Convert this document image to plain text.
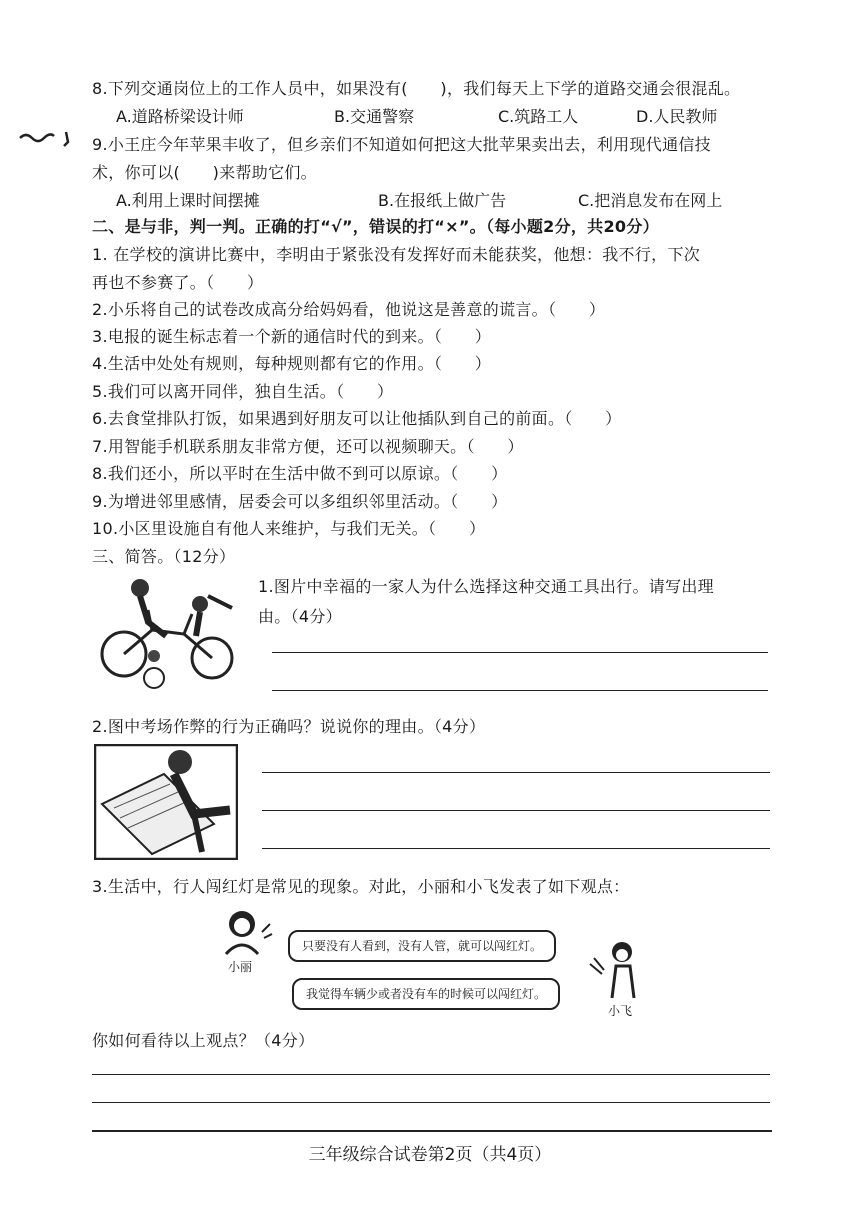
8.下列交通岗位上的工作人员中，如果没有(　　)，我们每天上下学的道路交通会很混乱。
A.道路桥梁设计师	B.交通警察	C.筑路工人	D.人民教师
9.小王庄今年苹果丰收了，但乡亲们不知道如何把这大批苹果卖出去，利用现代通信技
术，你可以(　　)来帮助它们。
A.利用上课时间摆摊	B.在报纸上做广告	C.把消息发布在网上
二、是与非，判一判。正确的打“√”，错误的打“×”。（每小题2分，共20分）
1. 在学校的演讲比赛中，李明由于紧张没有发挥好而未能获奖，他想：我不行，下次
再也不参赛了。（　　）
2.小乐将自己的试卷改成高分给妈妈看，他说这是善意的谎言。（　　）
3.电报的诞生标志着一个新的通信时代的到来。（　　）
4.生活中处处有规则，每种规则都有它的作用。（　　）
5.我们可以离开同伴，独自生活。（　　）
6.去食堂排队打饭，如果遇到好朋友可以让他插队到自己的前面。（　　）
7.用智能手机联系朋友非常方便，还可以视频聊天。（　　）
8.我们还小，所以平时在生活中做不到可以原谅。（　　）
9.为增进邻里感情，居委会可以多组织邻里活动。（　　）
10.小区里设施自有他人来维护，与我们无关。（　　）
三、简答。（12分）
1.图片中幸福的一家人为什么选择这种交通工具出行。请写出理
由。（4分）
2.图中考场作弊的行为正确吗？说说你的理由。（4分）
3.生活中，行人闯红灯是常见的现象。对此，小丽和小飞发表了如下观点：
小丽
只要没有人看到，没有人管，就可以闯红灯。
我觉得车辆少或者没有车的时候可以闯红灯。
小飞
你如何看待以上观点？（4分）
三年级综合试卷第2页（共4页）
